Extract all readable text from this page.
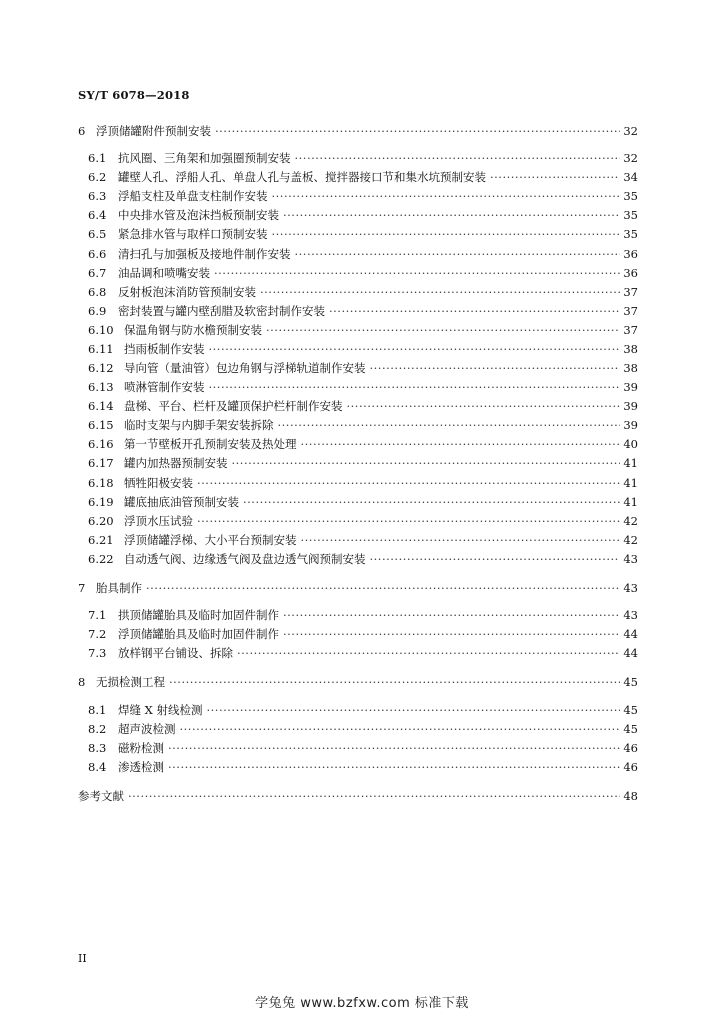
SY/T 6078—2018
6 浮顶储罐附件预制安装 ·····	32
6.1 抗风圈、三角架和加强圈预制安装 ·····	32
6.2 罐壁人孔、浮船人孔、单盘人孔与盖板、搅拌器接口节和集水坑预制安装 ·····	34
6.3 浮船支柱及单盘支柱制作安装 ·····	35
6.4 中央排水管及泡沫挡板预制安装 ·····	35
6.5 紧急排水管与取样口预制安装 ·····	35
6.6 清扫孔与加强板及接地件制作安装 ·····	36
6.7 油品调和喷嘴安装 ·····	36
6.8 反射板泡沫消防管预制安装 ·····	37
6.9 密封装置与罐内壁刮腊及软密封制作安装 ·····	37
6.10 保温角钢与防水檐预制安装 ·····	37
6.11 挡雨板制作安装 ·····	38
6.12 导向管（量油管）包边角钢与浮梯轨道制作安装 ·····	38
6.13 喷淋管制作安装 ·····	39
6.14 盘梯、平台、栏杆及罐顶保护栏杆制作安装 ·····	39
6.15 临时支架与内脚手架安装拆除 ·····	39
6.16 第一节壁板开孔预制安装及热处理 ·····	40
6.17 罐内加热器预制安装 ·····	41
6.18 牺牲阳极安装 ·····	41
6.19 罐底抽底油管预制安装 ·····	41
6.20 浮顶水压试验 ·····	42
6.21 浮顶储罐浮梯、大小平台预制安装 ·····	42
6.22 自动透气阀、边缘透气阀及盘边透气阀预制安装 ·····	43
7 胎具制作 ·····	43
7.1 拱顶储罐胎具及临时加固件制作 ·····	43
7.2 浮顶储罐胎具及临时加固件制作 ·····	44
7.3 放样钢平台铺设、拆除 ·····	44
8 无损检测工程 ·····	45
8.1 焊缝 X 射线检测 ·····	45
8.2 超声波检测 ·····	45
8.3 磁粉检测 ·····	46
8.4 渗透检测 ·····	46
参考文献 ·····	48
II
学兔兔 www.bzfxw.com 标准下载
